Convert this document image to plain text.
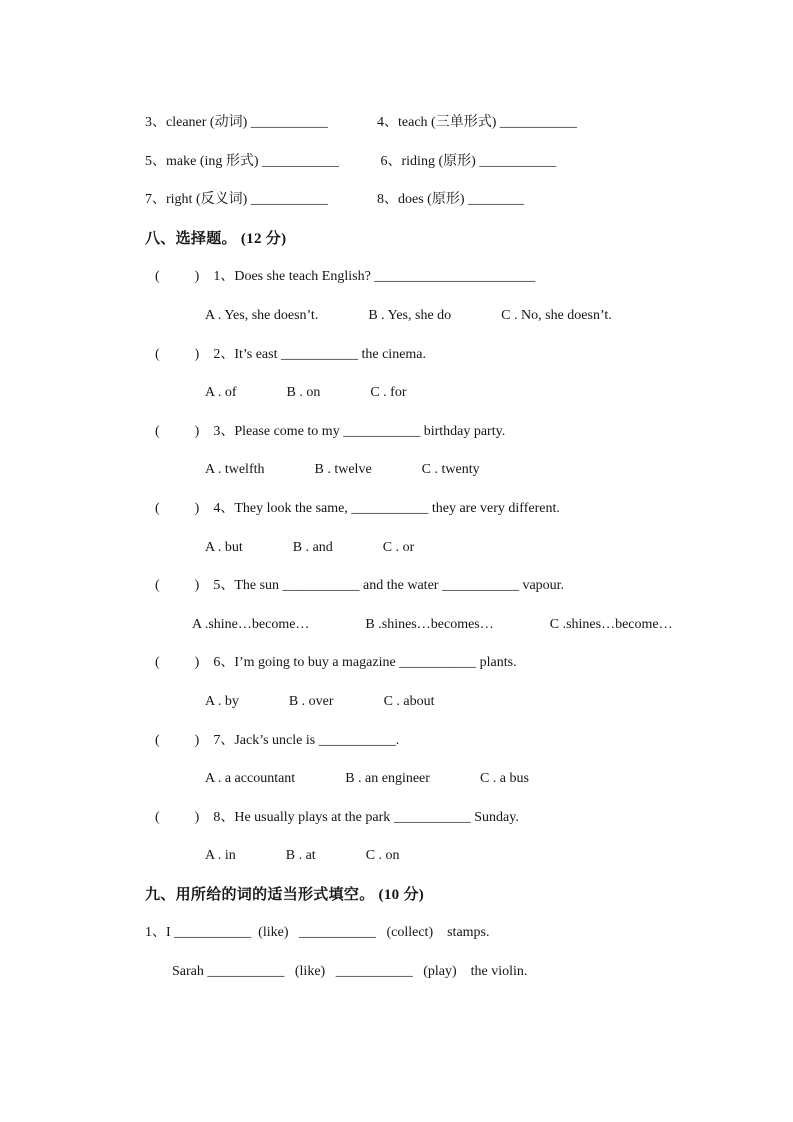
3、cleaner (动词) ___________	4、teach (三单形式) ___________
5、make (ing 形式) ___________	6、riding (原形) ___________
7、right (反义词) ___________	8、does (原形) ________
八、选择题。 (12 分)
(          ) 1、Does she teach English? _______________________
A . Yes, she doesn’t.	B . Yes, she do	C . No, she doesn’t.
(          ) 2、It’s east ___________ the cinema.
A . of	B . on	C . for
(          ) 3、Please come to my ___________ birthday party.
A . twelfth	B . twelve	C . twenty
(          ) 4、They look the same, ___________ they are very different.
A . but	B . and	C . or
(          ) 5、The sun ___________ and the water ___________ vapour.
A .shine…become…	B .shines…becomes…	C .shines…become…
(          ) 6、I’m going to buy a magazine ___________ plants.
A . by	B . over	C . about
(          ) 7、Jack’s uncle is ___________.
A . a accountant	B . an engineer	C . a bus
(          ) 8、He usually plays at the park ___________ Sunday.
A . in	B . at	C . on
九、用所给的词的适当形式填空。 (10 分)
1、I ___________  (like)   ___________   (collect)    stamps.
Sarah ___________   (like)   ___________   (play)    the violin.
